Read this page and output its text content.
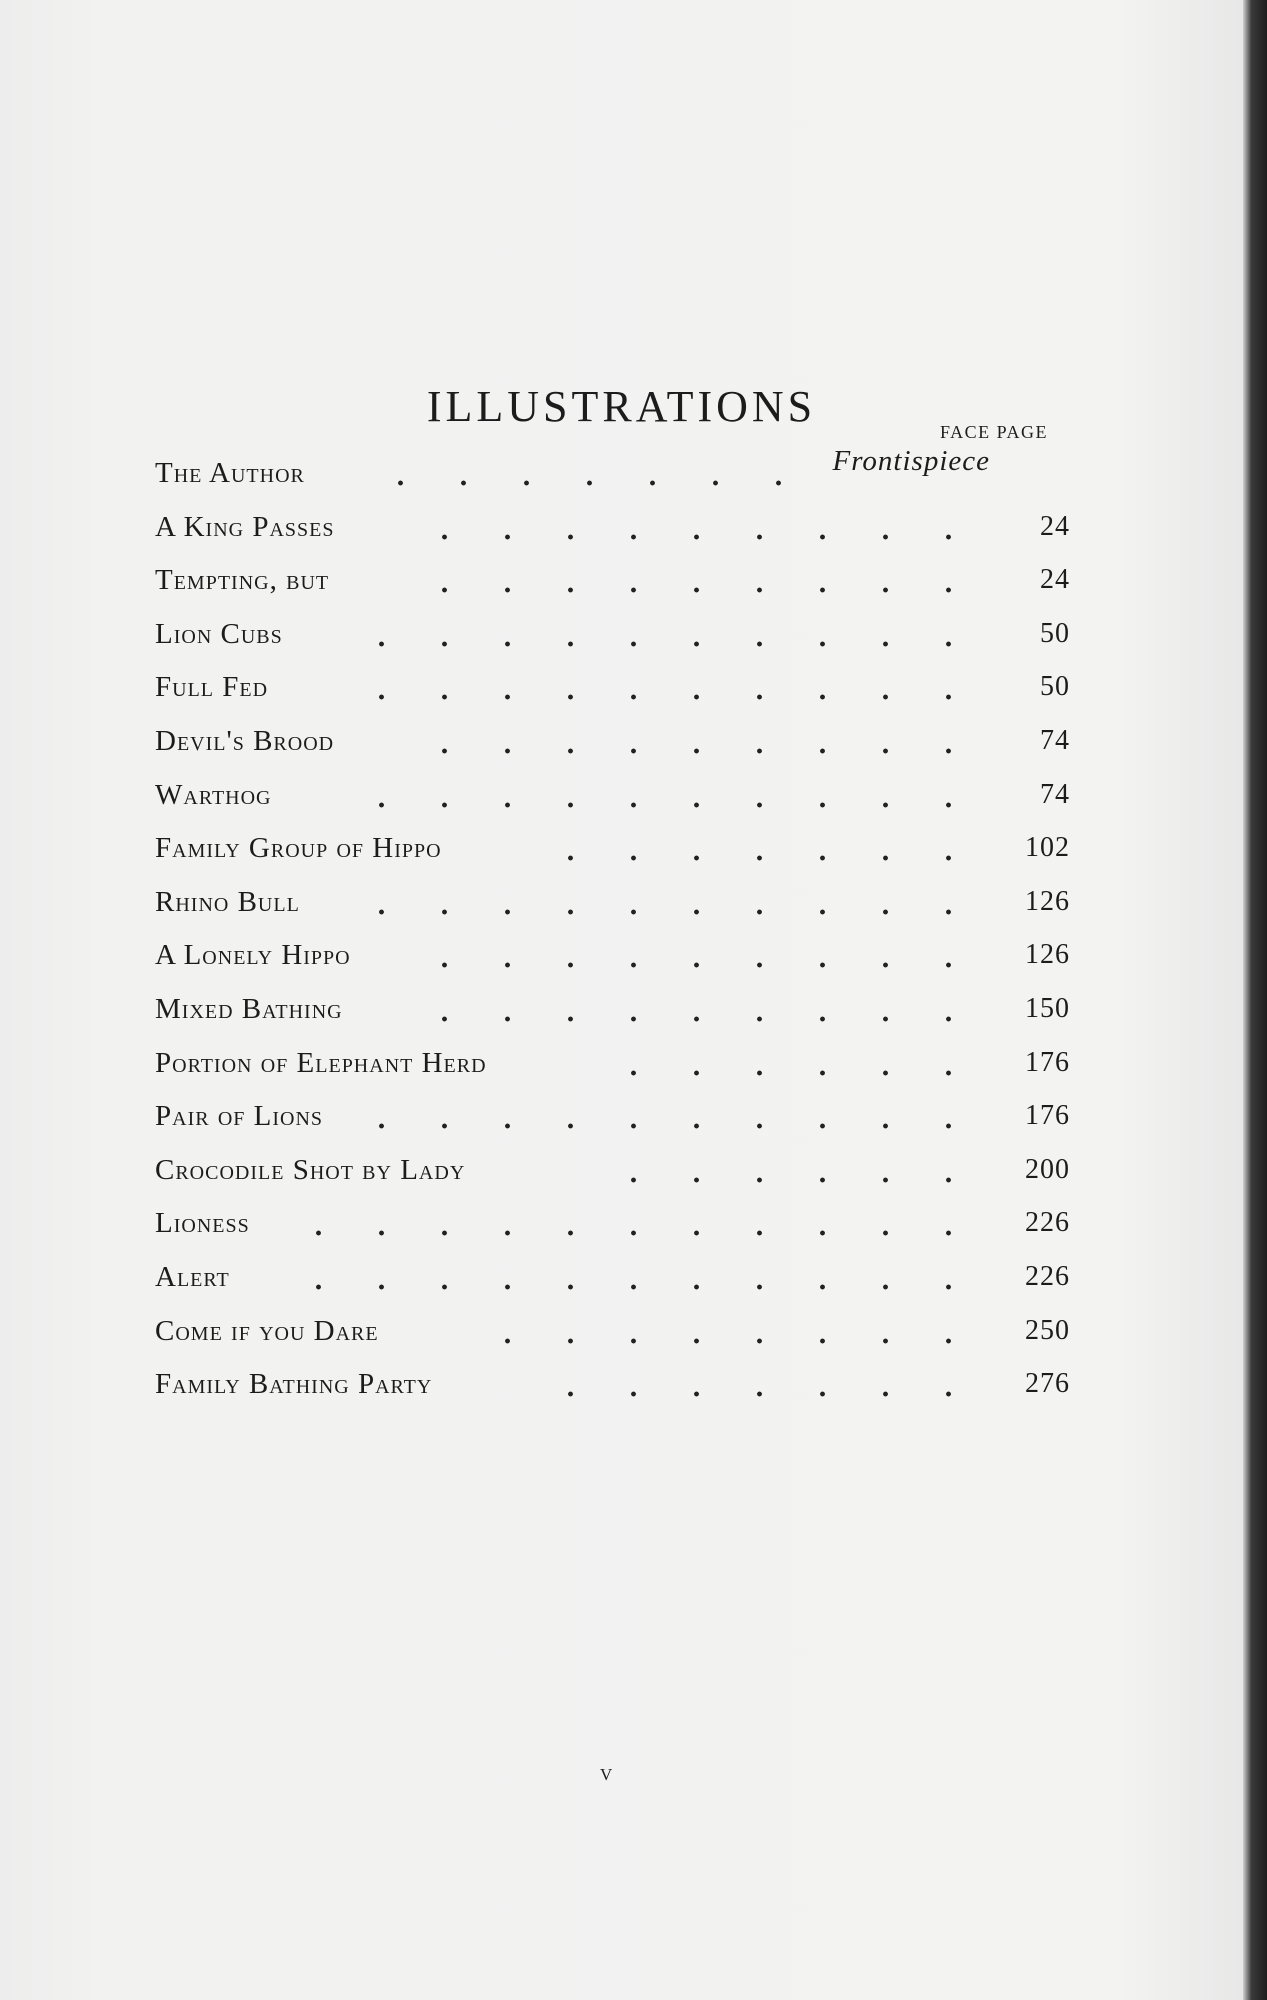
ILLUSTRATIONS
FACE PAGE
The Author	Frontispiece
A King Passes	24
Tempting, but	24
Lion Cubs	50
Full Fed	50
Devil's Brood	74
Warthog	74
Family Group of Hippo	102
Rhino Bull	126
A Lonely Hippo	126
Mixed Bathing	150
Portion of Elephant Herd	176
Pair of Lions	176
Crocodile Shot by Lady	200
Lioness	226
Alert	226
Come if you Dare	250
Family Bathing Party	276
v
